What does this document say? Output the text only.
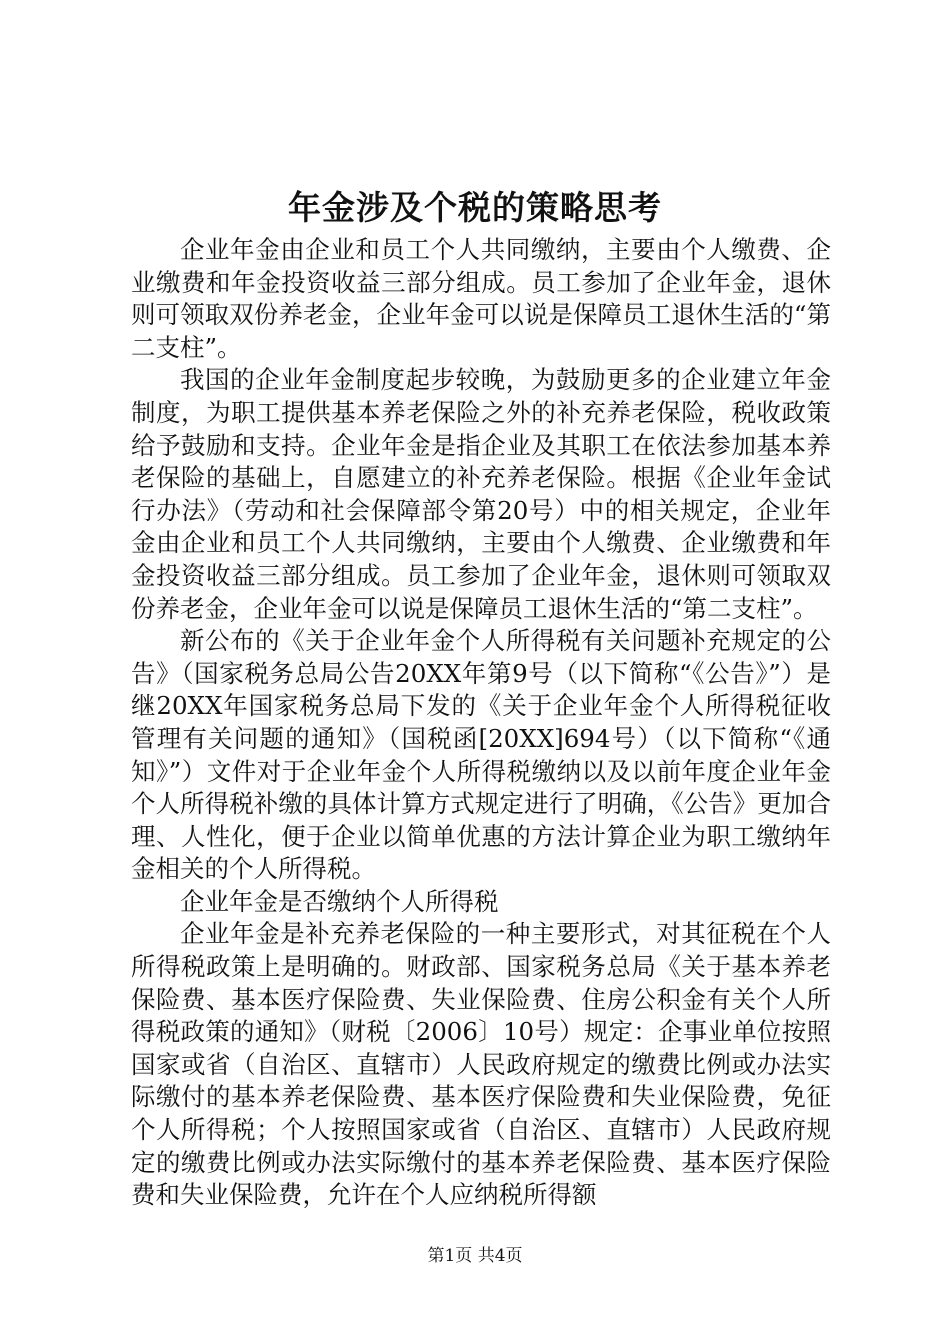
年金涉及个税的策略思考

企业年金由企业和员工个人共同缴纳，主要由个人缴费、企业缴费和年金投资收益三部分组成。员工参加了企业年金，退休则可领取双份养老金，企业年金可以说是保障员工退休生活的“第二支柱”。

我国的企业年金制度起步较晚，为鼓励更多的企业建立年金制度，为职工提供基本养老保险之外的补充养老保险，税收政策给予鼓励和支持。企业年金是指企业及其职工在依法参加基本养老保险的基础上，自愿建立的补充养老保险。根据《企业年金试行办法》（劳动和社会保障部令第20号）中的相关规定，企业年金由企业和员工个人共同缴纳，主要由个人缴费、企业缴费和年金投资收益三部分组成。员工参加了企业年金，退休则可领取双份养老金，企业年金可以说是保障员工退休生活的“第二支柱”。

新公布的《关于企业年金个人所得税有关问题补充规定的公告》（国家税务总局公告20XX年第9号（以下简称“《公告》”）是继20XX年国家税务总局下发的《关于企业年金个人所得税征收管理有关问题的通知》（国税函[20XX]694号）（以下简称“《通知》”）文件对于企业年金个人所得税缴纳以及以前年度企业年金个人所得税补缴的具体计算方式规定进行了明确，《公告》更加合理、人性化，便于企业以简单优惠的方法计算企业为职工缴纳年金相关的个人所得税。

企业年金是否缴纳个人所得税

企业年金是补充养老保险的一种主要形式，对其征税在个人所得税政策上是明确的。财政部、国家税务总局《关于基本养老保险费、基本医疗保险费、失业保险费、住房公积金有关个人所得税政策的通知》（财税〔2006〕10号）规定：企事业单位按照国家或省（自治区、直辖市）人民政府规定的缴费比例或办法实际缴付的基本养老保险费、基本医疗保险费和失业保险费，免征个人所得税；个人按照国家或省（自治区、直辖市）人民政府规定的缴费比例或办法实际缴付的基本养老保险费、基本医疗保险费和失业保险费，允许在个人应纳税所得额

第1页 共4页
